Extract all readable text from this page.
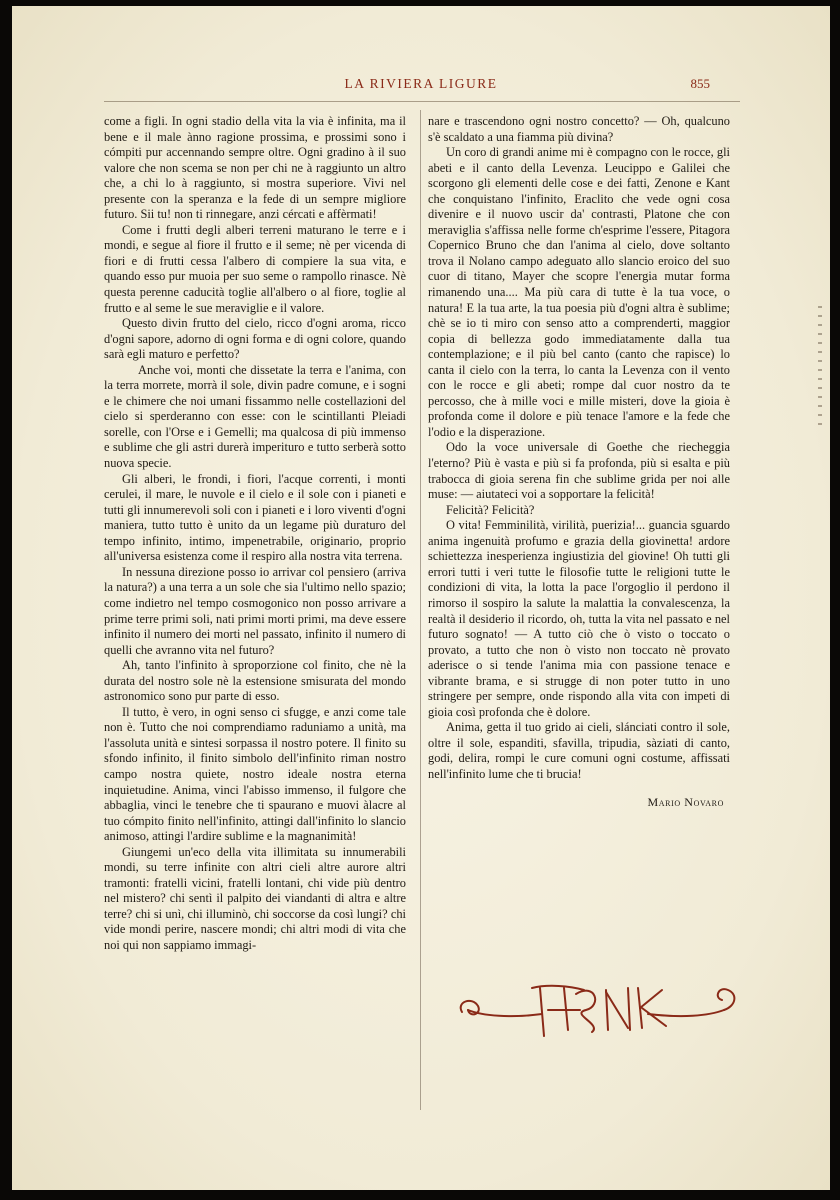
LA RIVIERA LIGURE	855

come a figli. In ogni stadio della vita la via è infinita, ma il bene e il male ànno ragione prossima, e prossimi sono i cómpiti pur accennando sempre oltre. Ogni gradino à il suo valore che non scema se non per chi ne à raggiunto un altro che, a chi lo à raggiunto, si mostra superiore. Vivi nel presente con la speranza e la fede di un sempre migliore futuro. Sii tu! non ti rinnegare, anzi cércati e affèrmati!

Come i frutti degli alberi terreni maturano le terre e i mondi, e segue al fiore il frutto e il seme; nè per vicenda di fiori e di frutti cessa l'albero di compiere la sua vita, e quando esso pur muoia per suo seme o rampollo rinasce. Nè questa perenne caducità toglie all'albero o al fiore, toglie al frutto e al seme le sue meraviglie e il valore.

Questo divin frutto del cielo, ricco d'ogni aroma, ricco d'ogni sapore, adorno di ogni forma e di ogni colore, quando sarà egli maturo e perfetto?

Anche voi, monti che dissetate la terra e l'anima, con la terra morrete, morrà il sole, divin padre comune, e i sogni e le chimere che noi umani fissammo nelle costellazioni del cielo si sperderanno con esse: con le scintillanti Pleiadi sorelle, con l'Orse e i Gemelli; ma qualcosa di più immenso e sublime che gli astri durerà imperituro e tutto serberà sotto nuova specie.

Gli alberi, le frondi, i fiori, l'acque correnti, i monti cerulei, il mare, le nuvole e il cielo e il sole con i pianeti e tutti gli innumerevoli soli con i pianeti e i loro viventi d'ogni maniera, tutto tutto è unito da un legame più duraturo del tempo infinito, intimo, impenetrabile, originario, proprio all'universa esistenza come il respiro alla nostra vita terrena.

In nessuna direzione posso io arrivar col pensiero (arriva la natura?) a una terra a un sole che sia l'ultimo nello spazio; come indietro nel tempo cosmogonico non posso arrivare a prime terre primi soli, nati primi morti primi, ma deve essere infinito il numero dei morti nel passato, infinito il numero di quelli che avranno vita nel futuro?

Ah, tanto l'infinito à sproporzione col finito, che nè la durata del nostro sole nè la estensione smisurata del mondo astronomico sono pur parte di esso.

Il tutto, è vero, in ogni senso ci sfugge, e anzi come tale non è. Tutto che noi comprendiamo raduniamo a unità, ma l'assoluta unità e sintesi sorpassa il nostro potere. Il finito su sfondo infinito, il finito simbolo dell'infinito riman nostro campo nostra quiete, nostro ideale nostra eterna inquietudine. Anima, vinci l'abisso immenso, il fulgore che abbaglia, vinci le tenebre che ti spaurano e muovi àlacre al tuo cómpito finito nell'infinito, attingi dall'infinito lo slancio animoso, attingi l'ardire sublime e la magnanimità!

Giungemi un'eco della vita illimitata su innumerabili mondi, su terre infinite con altri cieli altre aurore altri tramonti: fratelli vicini, fratelli lontani, chi vide più dentro nel mistero? chi sentì il palpito dei viandanti di altra e altre terre? chi si unì, chi illuminò, chi soccorse da così lungi? chi vide mondi perire, nascere mondi; chi altri modi di vita che noi qui non sappiamo immagi-

nare e trascendono ogni nostro concetto? — Oh, qualcuno s'è scaldato a una fiamma più divina?

Un coro di grandi anime mi è compagno con le rocce, gli abeti e il canto della Levenza. Leucippo e Galilei che scorgono gli elementi delle cose e dei fatti, Zenone e Kant che conquistano l'infinito, Eraclito che vede ogni cosa divenire e il nuovo uscir da' contrasti, Platone che con meraviglia s'affissa nelle forme ch'esprime l'essere, Pitagora Copernico Bruno che dan l'anima al cielo, dove soltanto trova il Nolano campo adeguato allo slancio eroico del suo cuor di titano, Mayer che scopre l'energia mutar forma rimanendo una.... Ma più cara di tutte è la tua voce, o natura! E la tua arte, la tua poesia più d'ogni altra è sublime; chè se io ti miro con senso atto a comprenderti, maggior copia di bellezza godo immediatamente dalla tua contemplazione; e il più bel canto (canto che rapisce) lo canta il cielo con la terra, lo canta la Levenza con il vento con le rocce e gli abeti; rompe dal cuor nostro da te percosso, che à mille voci e mille misteri, dove la gioia è profonda come il dolore e più tenace l'amore e la fede che l'odio e la disperazione.

Odo la voce universale di Goethe che riecheggia l'eterno? Più è vasta e più si fa profonda, più si esalta e più trabocca di gioia serena fin che sublime grida per noi alle muse: — aiutateci voi a sopportare la felicità!

Felicità? Felicità?

O vita! Femminilità, virilità, puerizia!... guancia sguardo anima ingenuità profumo e grazia della giovinetta! ardore schiettezza inesperienza ingiustizia del giovine! Oh tutti gli errori tutti i veri tutte le filosofie tutte le religioni tutte le condizioni di vita, la lotta la pace l'orgoglio il perdono il rimorso il sospiro la salute la malattia la convalescenza, la realtà il desiderio il ricordo, oh, tutta la vita nel passato e nel futuro sognato! — A tutto ciò che ò visto o toccato o provato, a tutto che non ò visto non toccato nè provato aderisce o si tende l'anima mia con passione tenace e vibrante brama, e si strugge di non poter tutto in uno stringere per sempre, onde rispondo alla vita con impeti di gioia così profonda che è dolore.

Anima, getta il tuo grido ai cieli, slánciati contro il sole, oltre il sole, espanditi, sfavilla, tripudia, sàziati di canto, godi, delira, rompi le cure comuni ogni costume, affissati nell'infinito lume che ti brucia!

Mario Novaro
